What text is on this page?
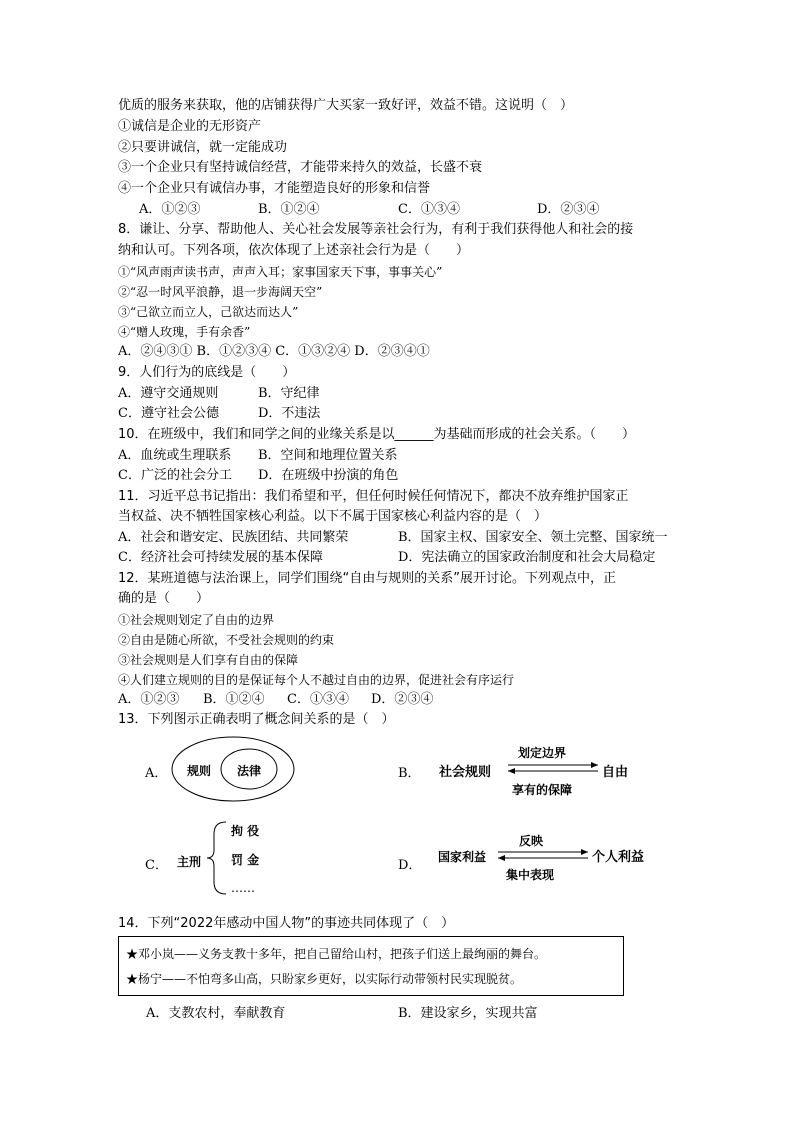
优质的服务来获取，他的店铺获得广大买家一致好评，效益不错。这说明（　）
①诚信是企业的无形资产
②只要讲诚信，就一定能成功
③一个企业只有坚持诚信经营，才能带来持久的效益，长盛不衰
④一个企业只有诚信办事，才能塑造良好的形象和信誉
A．①②③	B．①②④	C．①③④	D．②③④
8．谦让、分享、帮助他人、关心社会发展等亲社会行为，有利于我们获得他人和社会的接
纳和认可。下列各项，依次体现了上述亲社会行为是（　　）
①“风声雨声读书声，声声入耳；家事国家天下事，事事关心”
②“忍一时风平浪静，退一步海阔天空”
③“己欲立而立人，己欲达而达人”
④“赠人玫瑰，手有余香”
A．②④③① B．①②③④ C．①③②④ D．②③④①
9．人们行为的底线是（　　）
A．遵守交通规则	B．守纪律
C．遵守社会公德	D．不违法
10．在班级中，我们和同学之间的业缘关系是以______为基础而形成的社会关系。（　　）
A．血统或生理联系 B．空间和地理位置关系
C．广泛的社会分工 D．在班级中扮演的角色
11．习近平总书记指出：我们希望和平，但任何时候任何情况下，都决不放弃维护国家正
当权益、决不牺牲国家核心利益。以下不属于国家核心利益内容的是（　）
A．社会和谐安定、民族团结、共同繁荣	B．国家主权、国家安全、领土完整、国家统一
C．经济社会可持续发展的基本保障	D．宪法确立的国家政治制度和社会大局稳定
12．某班道德与法治课上，同学们围绕“自由与规则的关系”展开讨论。下列观点中，正
确的是（　　）
①社会规则划定了自由的边界
②自由是随心所欲，不受社会规则的约束
③社会规则是人们享有自由的保障
④人们建立规则的目的是保证每个人不越过自由的边界，促进社会有序运行
A．①②③ B．①②④ C．①③④ D．②③④
13．下列图示正确表明了概念间关系的是（　）
A． 规则 法律	B． 社会规则	自由
划定边界
享有的保障
C． 主刑
拘 役
罚 金
……
D．
国家利益	个人利益
反映
集中表现
14．下列“2022年感动中国人物”的事迹共同体现了（　）
★邓小岚——义务支教十多年，把自己留给山村，把孩子们送上最绚丽的舞台。
★杨宁——不怕弯多山高，只盼家乡更好，以实际行动带领村民实现脱贫。
A．支教农村，奉献教育	B．建设家乡，实现共富
